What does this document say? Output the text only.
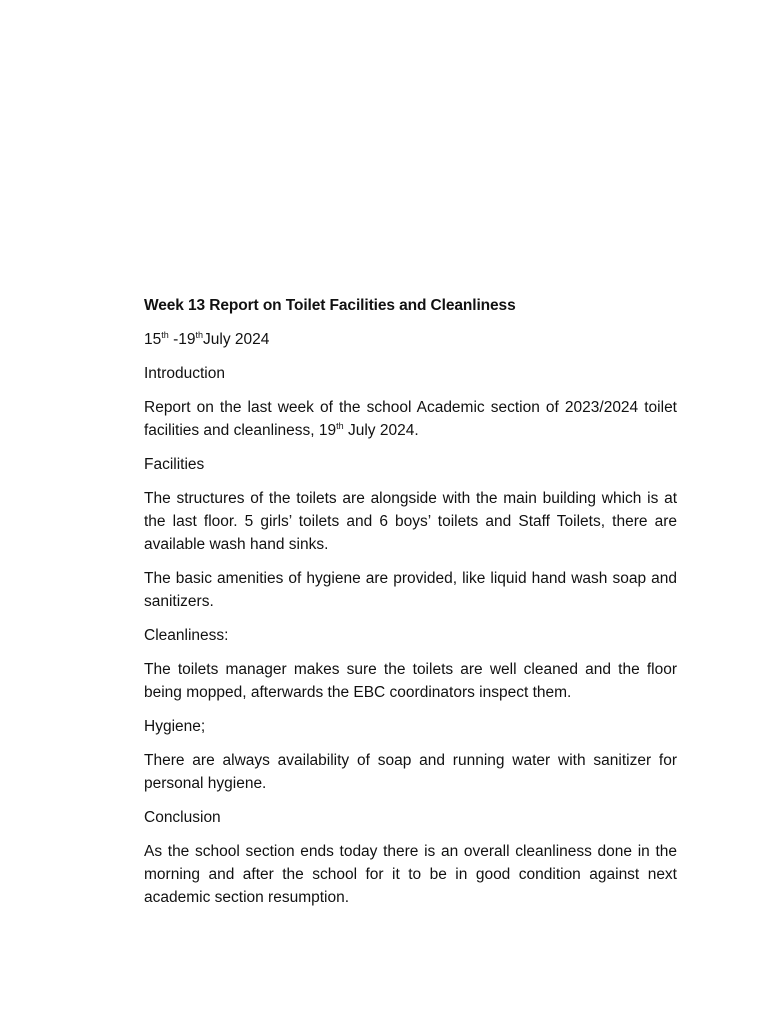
Week 13 Report on Toilet Facilities and Cleanliness

15th -19thJuly 2024

Introduction

Report on the last week of the school Academic section of 2023/2024 toilet facilities and cleanliness, 19th July 2024.

Facilities

The structures of the toilets are alongside with the main building which is at the last floor. 5 girls’ toilets and 6 boys’ toilets and Staff Toilets, there are available wash hand sinks.

The basic amenities of hygiene are provided, like liquid hand wash soap and sanitizers.

Cleanliness:

The toilets manager makes sure the toilets are well cleaned and the floor being mopped, afterwards the EBC coordinators inspect them.

Hygiene;

There are always availability of soap and running water with sanitizer for personal hygiene.

Conclusion

As the school section ends today there is an overall cleanliness done in the morning and after the school for it to be in good condition against next academic section resumption.
